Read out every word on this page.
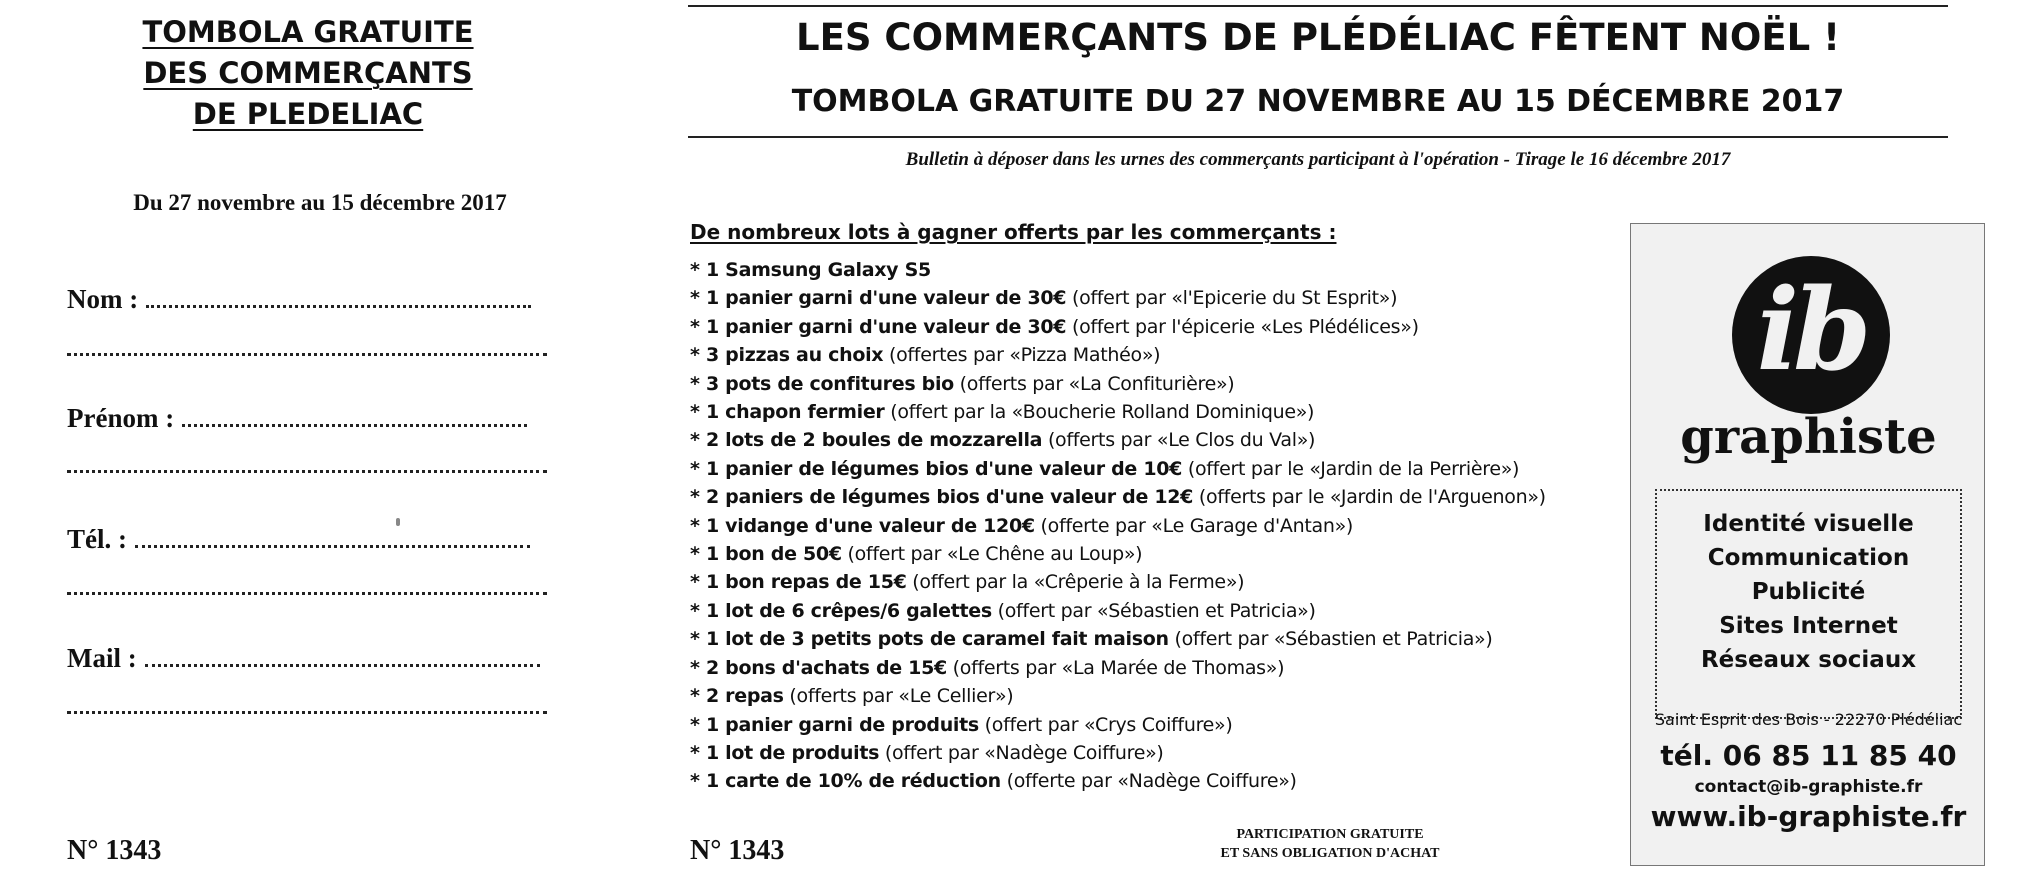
TOMBOLA GRATUITE
DES COMMERÇANTS
DE PLEDELIAC
Du 27 novembre au 15 décembre 2017
Nom :
Prénom :
Tél. :
Mail :
N° 1343
LES COMMERÇANTS DE PLÉDÉLIAC FÊTENT NOËL !
TOMBOLA GRATUITE DU 27 NOVEMBRE AU 15 DÉCEMBRE 2017
Bulletin à déposer dans les urnes des commerçants participant à l'opération - Tirage le 16 décembre 2017
De nombreux lots à gagner offerts par les commerçants :
* 1 Samsung Galaxy S5
* 1 panier garni d'une valeur de 30€ (offert par «l'Epicerie du St Esprit»)
* 1 panier garni d'une valeur de 30€ (offert par l'épicerie «Les Plédélices»)
* 3 pizzas au choix (offertes par «Pizza Mathéo»)
* 3 pots de confitures bio (offerts par «La Confiturière»)
* 1 chapon fermier (offert par la «Boucherie Rolland Dominique»)
* 2 lots de 2 boules de mozzarella (offerts par «Le Clos du Val»)
* 1 panier de légumes bios d'une valeur de 10€ (offert par le «Jardin de la Perrière»)
* 2 paniers de légumes bios d'une valeur de 12€ (offerts par le «Jardin de l'Arguenon»)
* 1 vidange d'une valeur de 120€ (offerte par «Le Garage d'Antan»)
* 1 bon de 50€ (offert par «Le Chêne au Loup»)
* 1 bon repas de 15€ (offert par la «Crêperie à la Ferme»)
* 1 lot de 6 crêpes/6 galettes (offert par «Sébastien et Patricia»)
* 1 lot de 3 petits pots de caramel fait maison (offert par «Sébastien et Patricia»)
* 2 bons d'achats de 15€ (offerts par «La Marée de Thomas»)
* 2 repas (offerts par «Le Cellier»)
* 1 panier garni de produits (offert par «Crys Coiffure»)
* 1 lot de produits (offert par «Nadège Coiffure»)
* 1 carte de 10% de réduction (offerte par «Nadège Coiffure»)
N° 1343
PARTICIPATION GRATUITE
ET SANS OBLIGATION D'ACHAT
ib
graphiste
Identité visuelle
Communication
Publicité
Sites Internet
Réseaux sociaux
Saint Esprit des Bois - 22270 Plédéliac
tél. 06 85 11 85 40
contact@ib-graphiste.fr
www.ib-graphiste.fr
